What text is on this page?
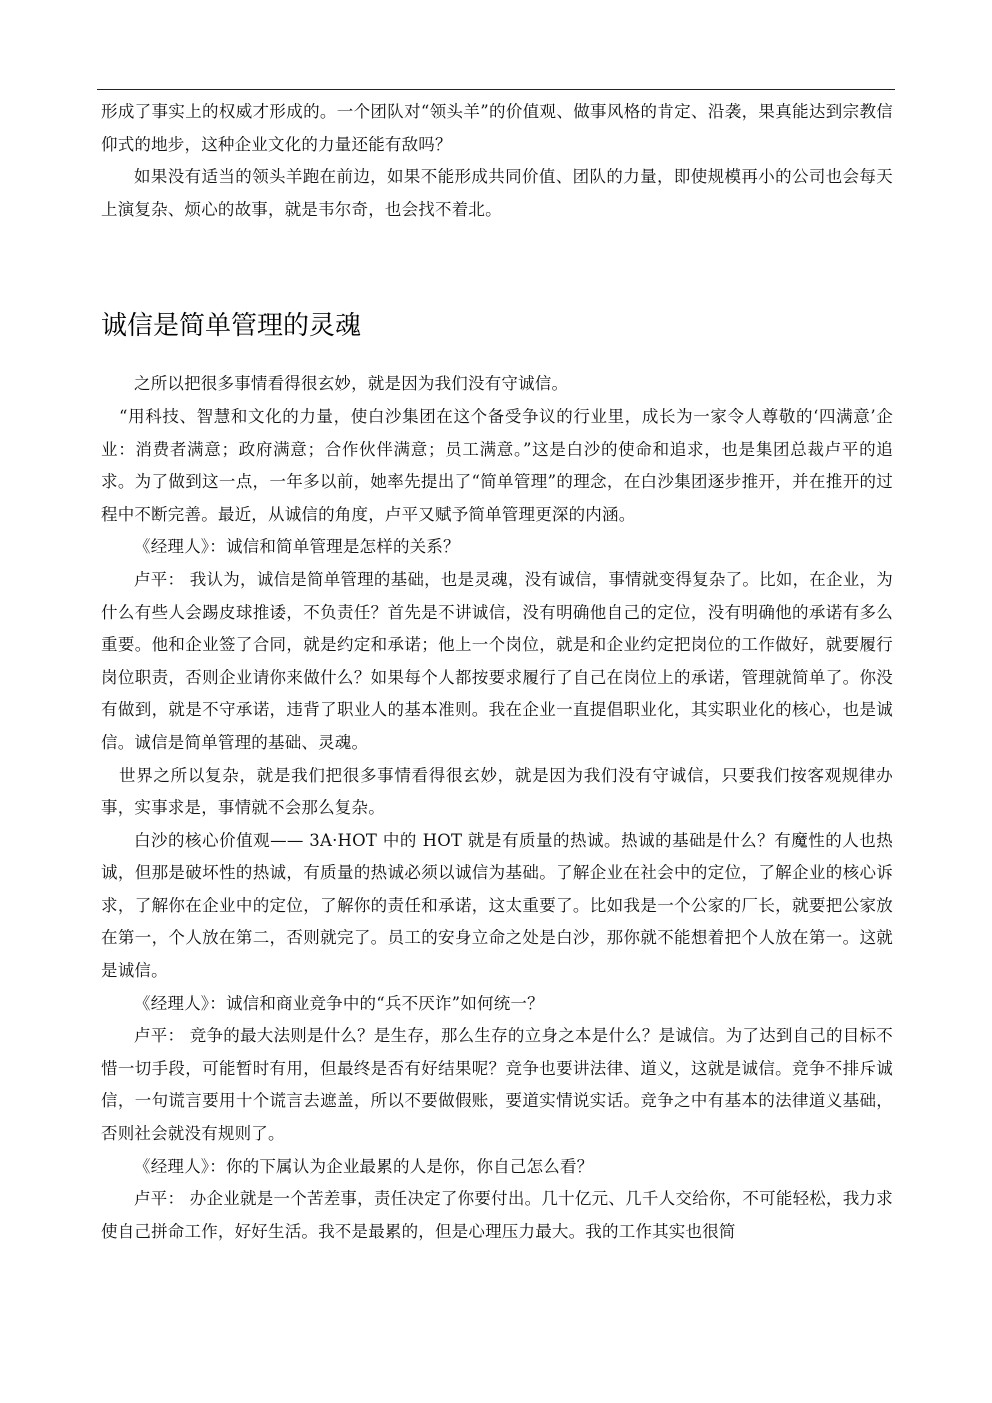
形成了事实上的权威才形成的。一个团队对“领头羊”的价值观、做事风格的肯定、沿袭，果真能达到宗教信仰式的地步，这种企业文化的力量还能有敌吗？

如果没有适当的领头羊跑在前边，如果不能形成共同价值、团队的力量，即使规模再小的公司也会每天上演复杂、烦心的故事，就是韦尔奇，也会找不着北。

诚信是简单管理的灵魂

之所以把很多事情看得很玄妙，就是因为我们没有守诚信。

“用科技、智慧和文化的力量，使白沙集团在这个备受争议的行业里，成长为一家令人尊敬的‘四满意’企业：消费者满意；政府满意；合作伙伴满意；员工满意。”这是白沙的使命和追求，也是集团总裁卢平的追求。为了做到这一点，一年多以前，她率先提出了“简单管理”的理念，在白沙集团逐步推开，并在推开的过程中不断完善。最近，从诚信的角度，卢平又赋予简单管理更深的内涵。

《经理人》：诚信和简单管理是怎样的关系？

卢平： 我认为，诚信是简单管理的基础，也是灵魂，没有诚信，事情就变得复杂了。比如，在企业，为什么有些人会踢皮球推诿，不负责任？首先是不讲诚信，没有明确他自己的定位，没有明确他的承诺有多么重要。他和企业签了合同，就是约定和承诺；他上一个岗位，就是和企业约定把岗位的工作做好，就要履行岗位职责，否则企业请你来做什么？如果每个人都按要求履行了自己在岗位上的承诺，管理就简单了。你没有做到，就是不守承诺，违背了职业人的基本准则。我在企业一直提倡职业化，其实职业化的核心，也是诚信。诚信是简单管理的基础、灵魂。

世界之所以复杂，就是我们把很多事情看得很玄妙，就是因为我们没有守诚信，只要我们按客观规律办事，实事求是，事情就不会那么复杂。

白沙的核心价值观—— 3A·HOT 中的 HOT 就是有质量的热诚。热诚的基础是什么？有魔性的人也热诚，但那是破坏性的热诚，有质量的热诚必须以诚信为基础。了解企业在社会中的定位，了解企业的核心诉求，了解你在企业中的定位，了解你的责任和承诺，这太重要了。比如我是一个公家的厂长，就要把公家放在第一，个人放在第二，否则就完了。员工的安身立命之处是白沙，那你就不能想着把个人放在第一。这就是诚信。

《经理人》：诚信和商业竞争中的“兵不厌诈”如何统一？

卢平： 竞争的最大法则是什么？是生存，那么生存的立身之本是什么？是诚信。为了达到自己的目标不惜一切手段，可能暂时有用，但最终是否有好结果呢？竞争也要讲法律、道义，这就是诚信。竞争不排斥诚信，一句谎言要用十个谎言去遮盖，所以不要做假账，要道实情说实话。竞争之中有基本的法律道义基础，否则社会就没有规则了。

《经理人》：你的下属认为企业最累的人是你，你自己怎么看？

卢平： 办企业就是一个苦差事，责任决定了你要付出。几十亿元、几千人交给你，不可能轻松，我力求使自己拼命工作，好好生活。我不是最累的，但是心理压力最大。我的工作其实也很简
